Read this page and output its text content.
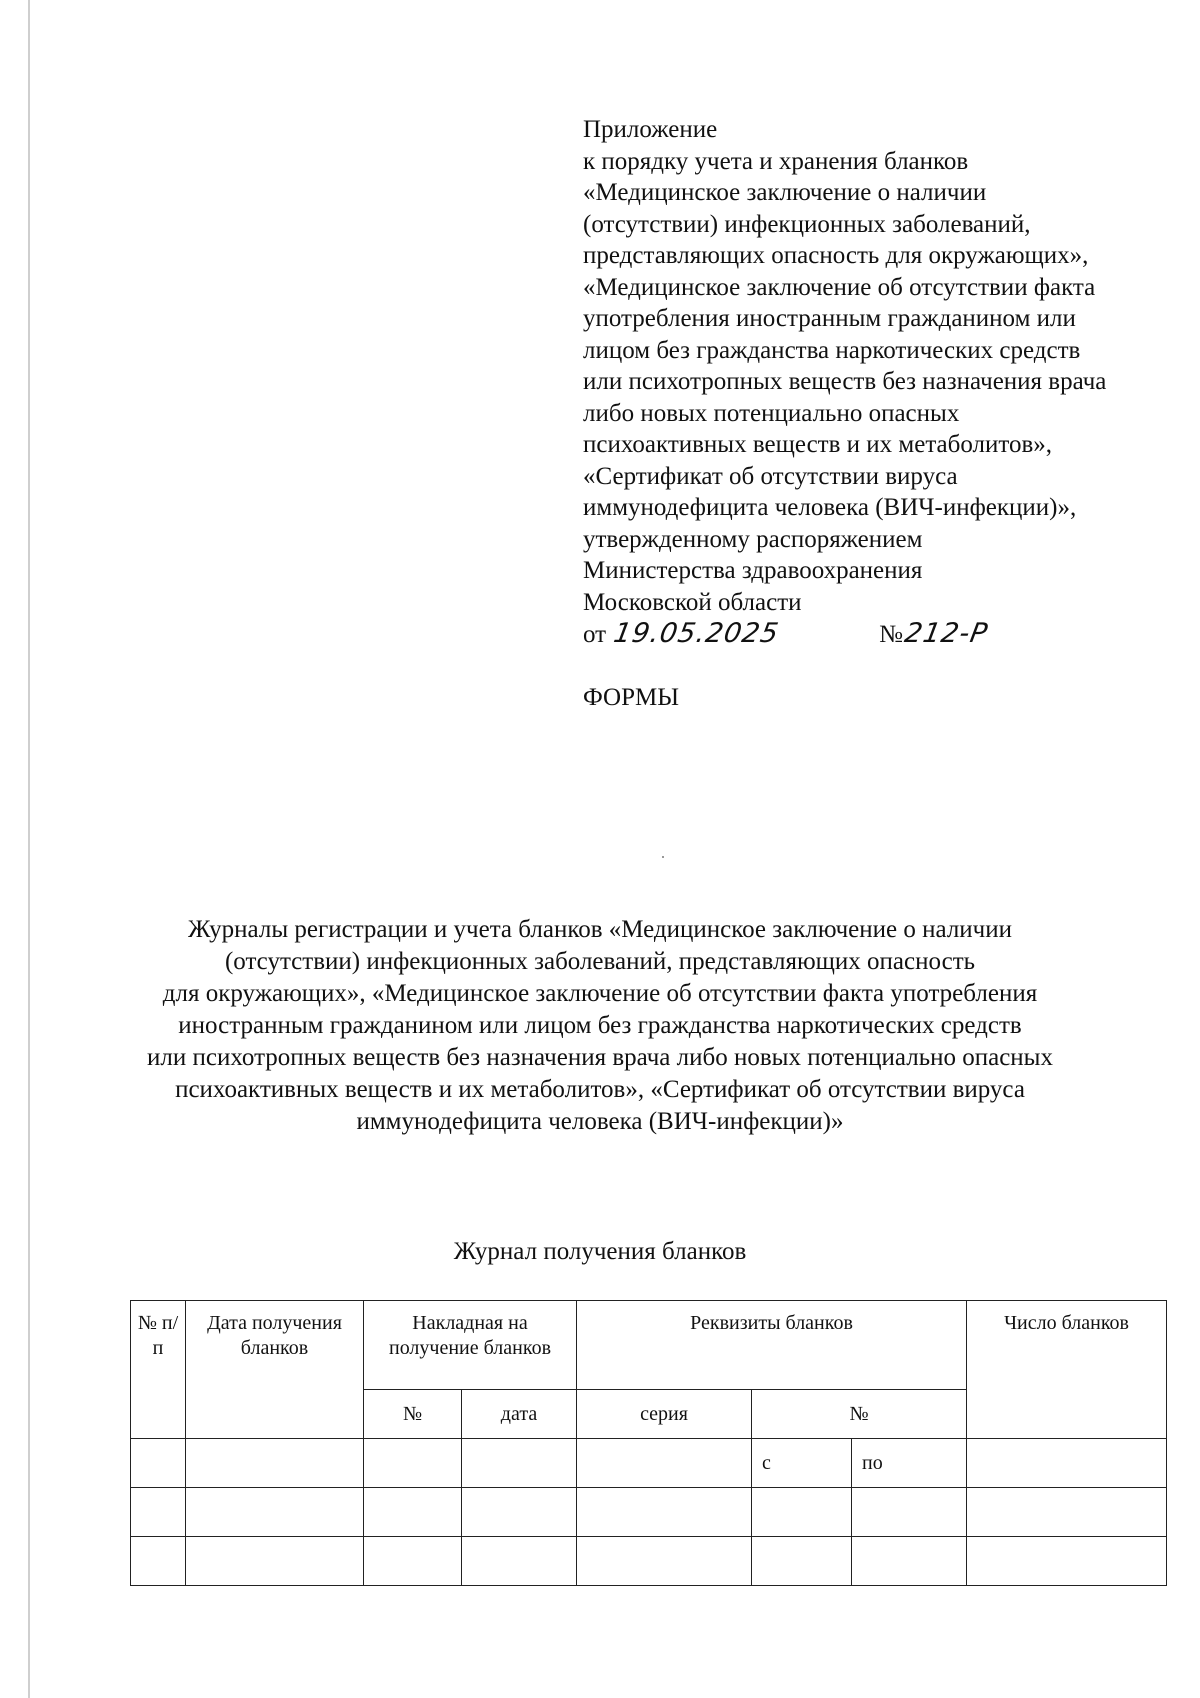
Приложение
к порядку учета и хранения бланков
«Медицинское заключение о наличии
(отсутствии) инфекционных заболеваний,
представляющих опасность для окружающих»,
«Медицинское заключение об отсутствии факта
употребления иностранным гражданином или
лицом без гражданства наркотических средств
или психотропных веществ без назначения врача
либо новых потенциально опасных
психоактивных веществ и их метаболитов»,
«Сертификат об отсутствии вируса
иммунодефицита человека (ВИЧ-инфекции)»,
утвержденному распоряжением
Министерства здравоохранения
Московской области
от 19.05.2025	№ 212-Р
ФОРМЫ
Журналы регистрации и учета бланков «Медицинское заключение о наличии
(отсутствии) инфекционных заболеваний, представляющих опасность
для окружающих», «Медицинское заключение об отсутствии факта употребления
иностранным гражданином или лицом без гражданства наркотических средств
или психотропных веществ без назначения врача либо новых потенциально опасных
психоактивных веществ и их метаболитов», «Сертификат об отсутствии вируса
иммунодефицита человека (ВИЧ-инфекции)»
Журнал получения бланков
№ п/п	Дата получения бланков	Накладная на получение бланков		Реквизиты бланков			Число бланков
		№	дата	серия	№		
					с	по	
